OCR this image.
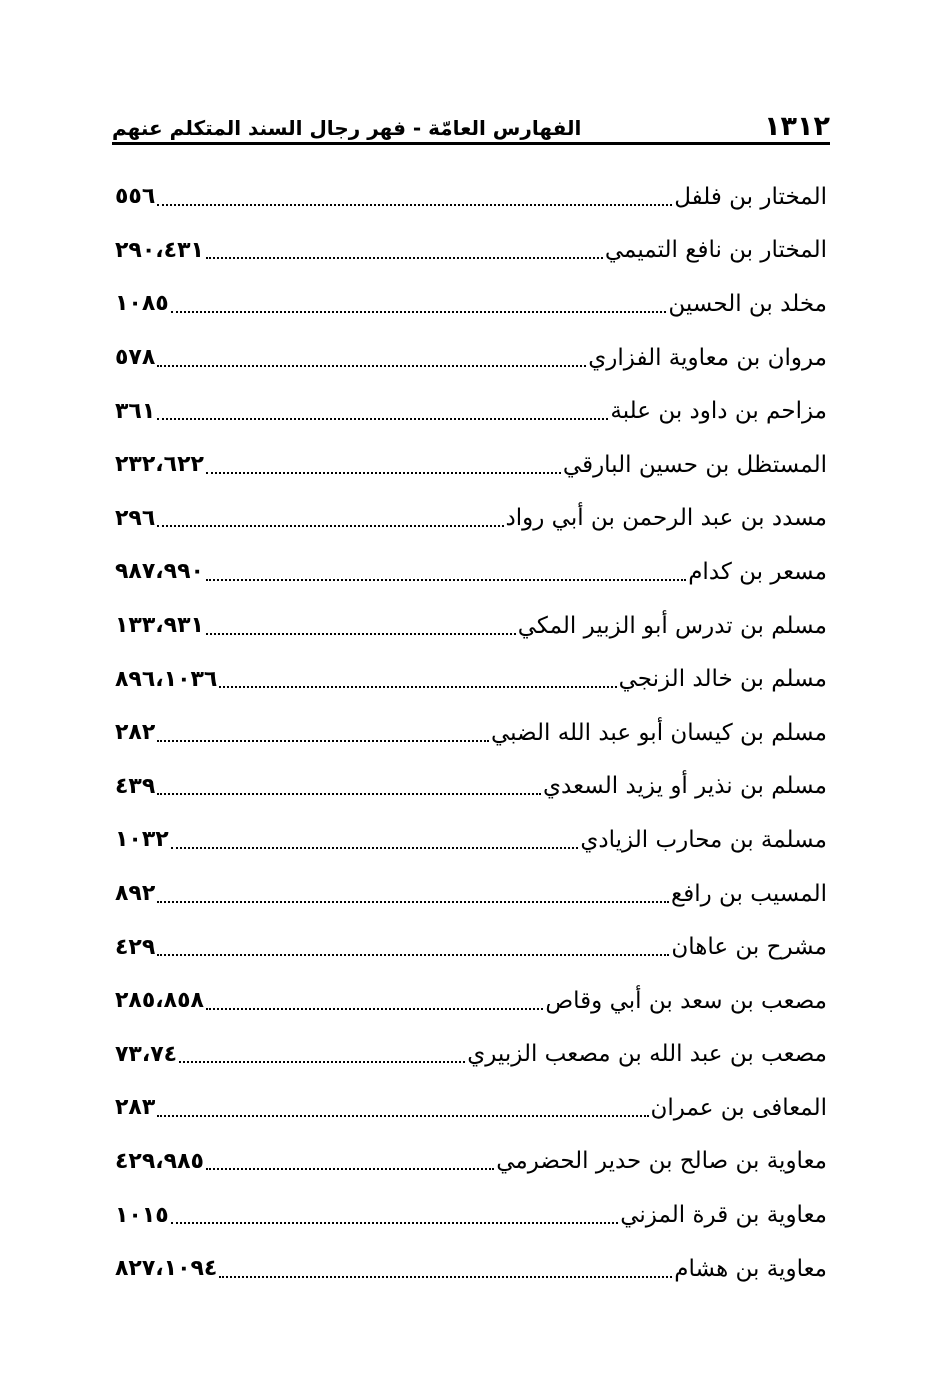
١٣١٢
الفهارس العامّة - فهر رجال السند المتكلم عنهم
المختار بن فلفل
٥٥٦
المختار بن نافع التميمي
٢٩٠،٤٣١
مخلد بن الحسين
١٠٨٥
مروان بن معاوية الفزاري
٥٧٨
مزاحم بن داود بن علبة
٣٦١
المستظل بن حسين البارقي
٢٣٢،٦٢٢
مسدد بن عبد الرحمن بن أبي رواد
٢٩٦
مسعر بن كدام
٩٨٧،٩٩٠
مسلم بن تدرس أبو الزبير المكي
١٣٣،٩٣١
مسلم بن خالد الزنجي
٨٩٦،١٠٣٦
مسلم بن كيسان أبو عبد الله الضبي
٢٨٢
مسلم بن نذير أو يزيد السعدي
٤٣٩
مسلمة بن محارب الزيادي
١٠٣٢
المسيب بن رافع
٨٩٢
مشرح بن عاهان
٤٢٩
مصعب بن سعد بن أبي وقاص
٢٨٥،٨٥٨
مصعب بن عبد الله بن مصعب الزبيري
٧٣،٧٤
المعافى بن عمران
٢٨٣
معاوية بن صالح بن حدير الحضرمي
٤٢٩،٩٨٥
معاوية بن قرة المزني
١٠١٥
معاوية بن هشام
٨٢٧،١٠٩٤
